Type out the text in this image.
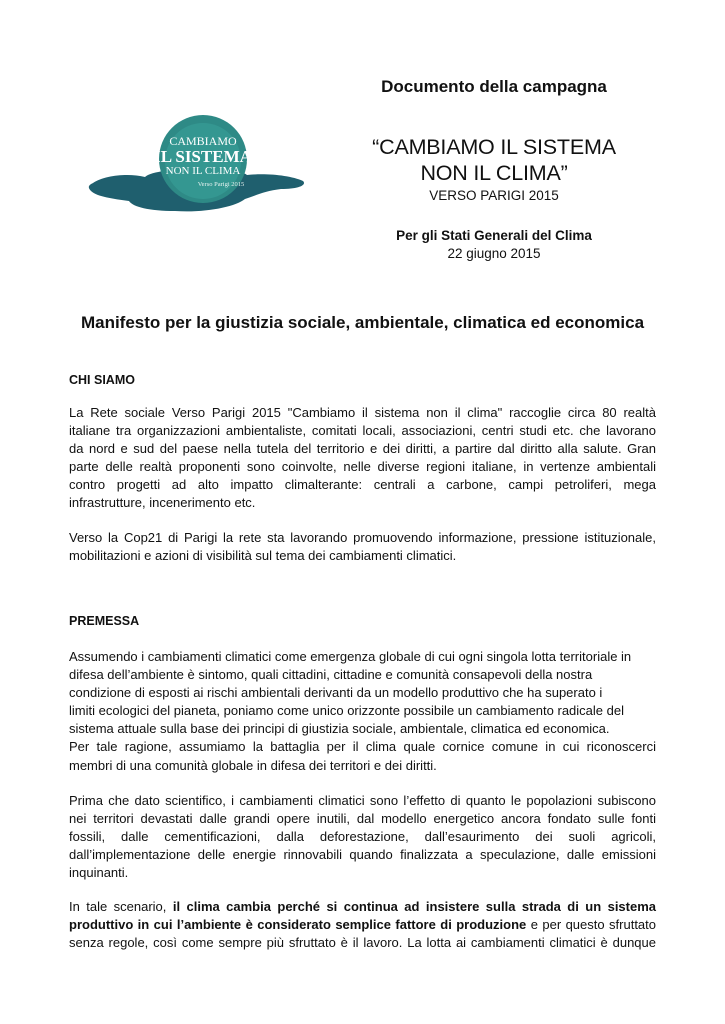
CAMBIAMO
IL SISTEMA
NON IL CLIMA
Verso Parigi 2015
Documento della campagna
“CAMBIAMO IL SISTEMA
NON IL CLIMA”
VERSO PARIGI 2015
Per gli Stati Generali del Clima
22 giugno 2015
Manifesto per la giustizia sociale, ambientale, climatica ed economica
CHI SIAMO
La Rete sociale Verso Parigi 2015 "Cambiamo il sistema non il clima" raccoglie circa 80 realtà
italiane tra organizzazioni ambientaliste, comitati locali, associazioni, centri studi etc. che lavorano
da nord e sud del paese nella tutela del territorio e dei diritti, a partire dal diritto alla salute. Gran
parte delle realtà proponenti sono coinvolte, nelle diverse regioni italiane, in vertenze ambientali
contro progetti ad alto impatto climalterante: centrali a carbone, campi petroliferi, mega
infrastrutture, incenerimento etc.
Verso la Cop21 di Parigi la rete sta lavorando promuovendo informazione, pressione istituzionale,
mobilitazioni e azioni di visibilità sul tema dei cambiamenti climatici.
PREMESSA
Assumendo i cambiamenti climatici come emergenza globale di cui ogni singola lotta territoriale in
difesa dell’ambiente è sintomo, quali cittadini, cittadine e comunità consapevoli della nostra
condizione di esposti ai rischi ambientali derivanti da un modello produttivo che ha superato i
limiti ecologici del pianeta, poniamo come unico orizzonte possibile un cambiamento radicale del
sistema attuale sulla base dei principi di giustizia sociale, ambientale, climatica ed economica.
Per tale ragione, assumiamo la battaglia per il clima quale cornice comune in cui riconoscerci
membri di una comunità globale in difesa dei territori e dei diritti.
Prima che dato scientifico, i cambiamenti climatici sono l’effetto di quanto le popolazioni subiscono
nei territori devastati dalle grandi opere inutili, dal modello energetico ancora fondato sulle fonti
fossili, dalle cementificazioni, dalla deforestazione, dall’esaurimento dei suoli agricoli,
dall’implementazione delle energie rinnovabili quando finalizzata a speculazione, dalle emissioni
inquinanti.
In tale scenario, il clima cambia perché si continua ad insistere sulla strada di un sistema
produttivo in cui l’ambiente è considerato semplice fattore di produzione e per questo sfruttato
senza regole, così come sempre più sfruttato è il lavoro. La lotta ai cambiamenti climatici è dunque
